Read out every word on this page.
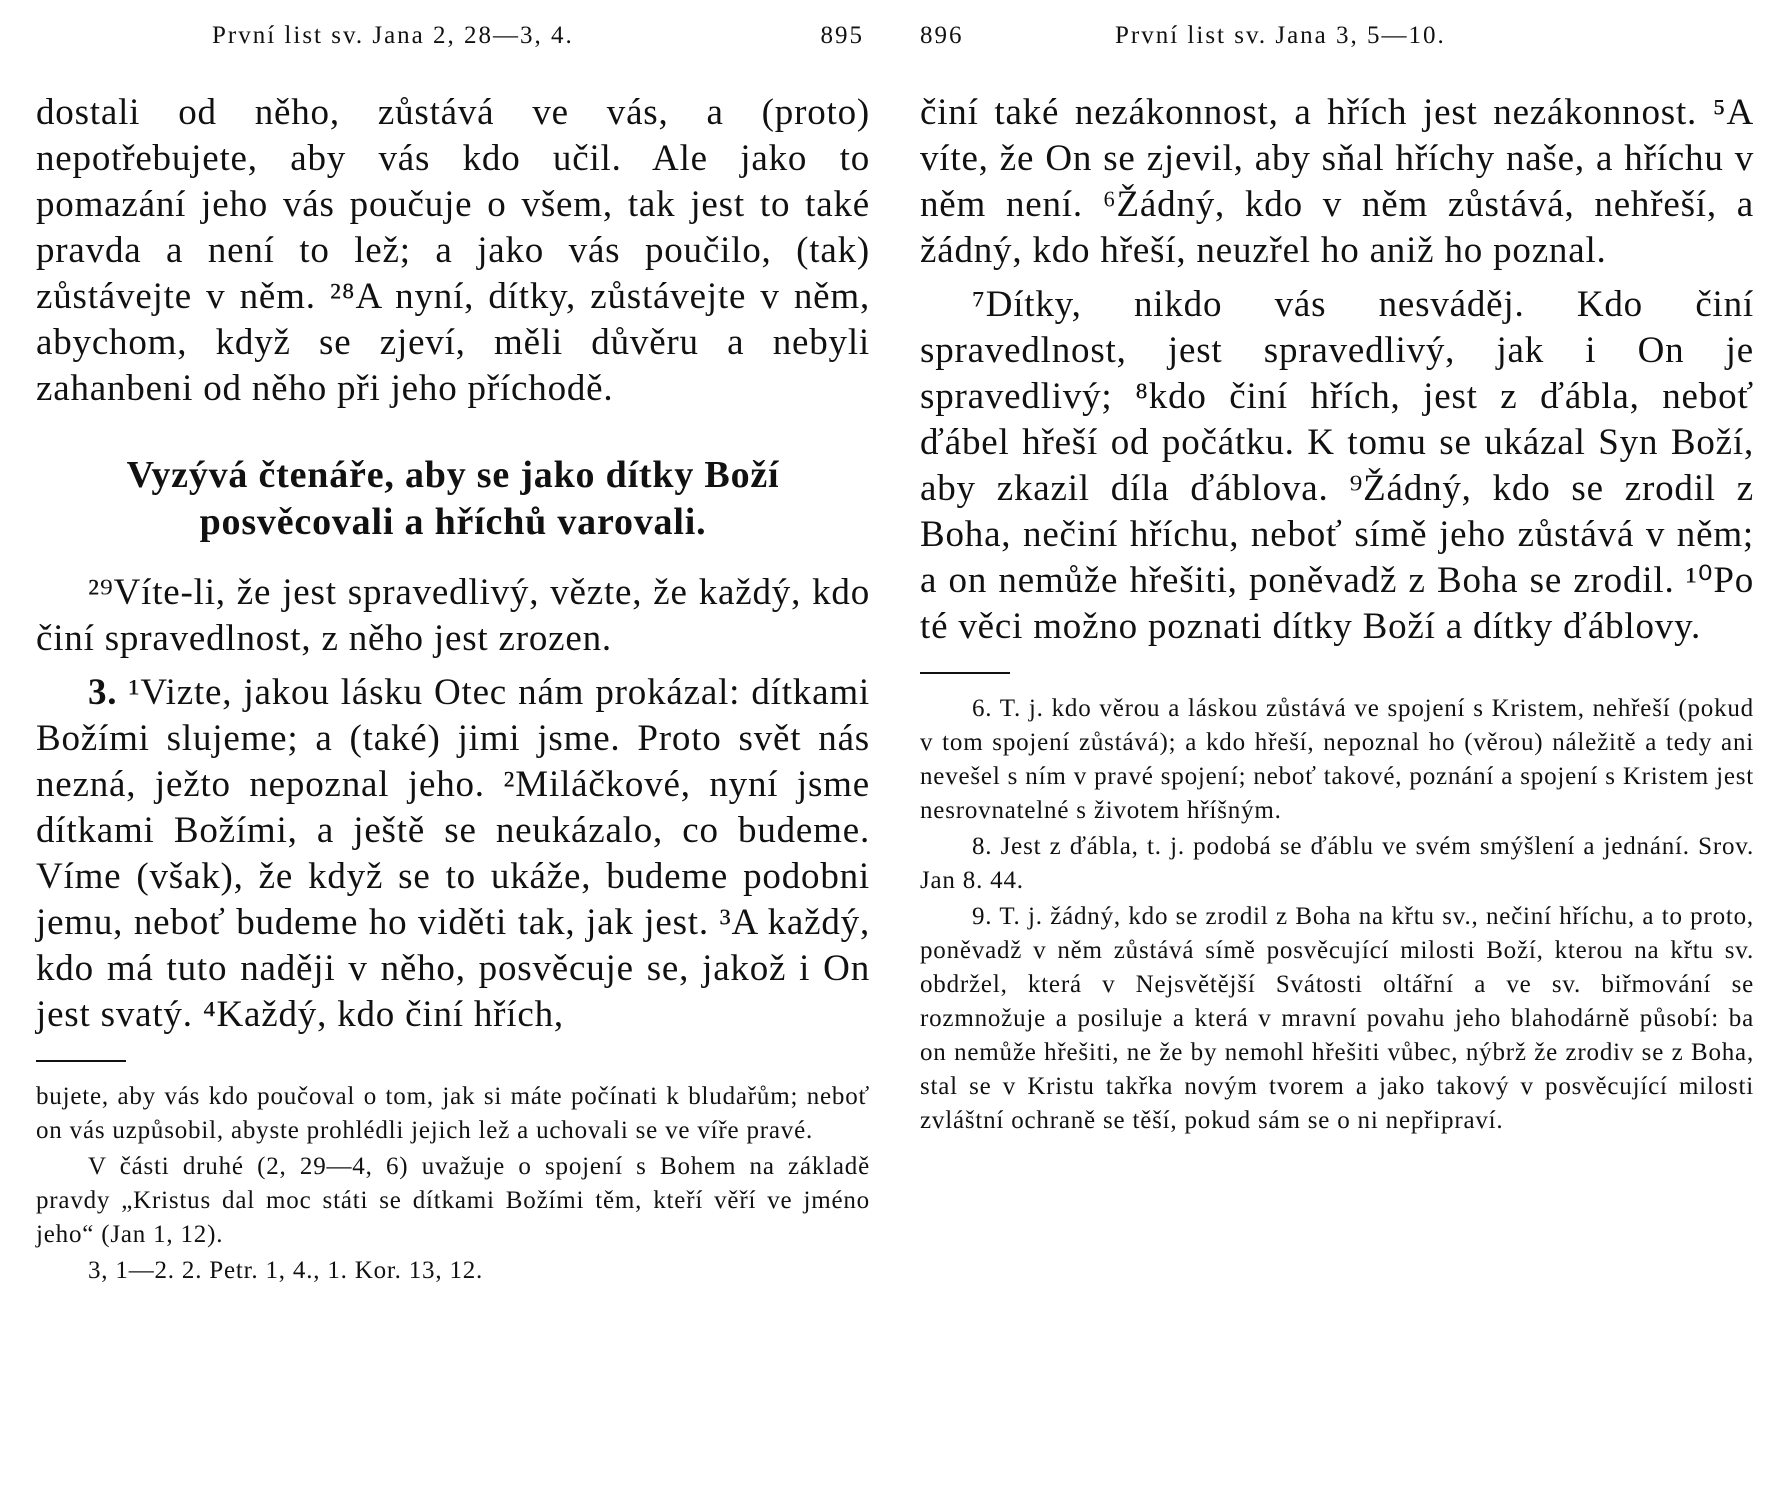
První list sv. Jana 2, 28—3, 4.	895

dostali od něho, zůstává ve vás, a (proto) nepotřebujete, aby vás kdo učil. Ale jako to pomazání jeho vás poučuje o všem, tak jest to také pravda a není to lež; a jako vás poučilo, (tak) zůstávejte v něm. ²⁸A nyní, dítky, zůstávejte v něm, abychom, když se zjeví, měli důvěru a nebyli zahanbeni od něho při jeho příchodě.

Vyzývá čtenáře, aby se jako dítky Boží posvěcovali a hříchů varovali.

²⁹Víte-li, že jest spravedlivý, vězte, že každý, kdo činí spravedlnost, z něho jest zrozen.

3. ¹Vizte, jakou lásku Otec nám prokázal: dítkami Božími slujeme; a (také) jimi jsme. Proto svět nás nezná, ježto nepoznal jeho. ²Miláčkové, nyní jsme dítkami Božími, a ještě se neukázalo, co budeme. Víme (však), že když se to ukáže, budeme podobni jemu, neboť budeme ho viděti tak, jak jest. ³A každý, kdo má tuto naději v něho, posvěcuje se, jakož i On jest svatý. ⁴Každý, kdo činí hřích,

bujete, aby vás kdo poučoval o tom, jak si máte počínati k bludařům; neboť on vás uzpůsobil, abyste prohlédli jejich lež a uchovali se ve víře pravé.

V části druhé (2, 29—4, 6) uvažuje o spojení s Bohem na základě pravdy „Kristus dal moc státi se dítkami Božími těm, kteří věří ve jméno jeho“ (Jan 1, 12).

3, 1—2. 2. Petr. 1, 4., 1. Kor. 13, 12.

896	První list sv. Jana 3, 5—10.

činí také nezákonnost, a hřích jest nezákonnost. ⁵A víte, že On se zjevil, aby sňal hříchy naše, a hříchu v něm není. ⁶Žádný, kdo v něm zůstává, nehřeší, a žádný, kdo hřeší, neuzřel ho aniž ho poznal.

⁷Dítky, nikdo vás nesváděj. Kdo činí spravedlnost, jest spravedlivý, jak i On je spravedlivý; ⁸kdo činí hřích, jest z ďábla, neboť ďábel hřeší od počátku. K tomu se ukázal Syn Boží, aby zkazil díla ďáblova. ⁹Žádný, kdo se zrodil z Boha, nečiní hříchu, neboť símě jeho zůstává v něm; a on nemůže hřešiti, poněvadž z Boha se zrodil. ¹⁰Po té věci možno poznati dítky Boží a dítky ďáblovy.

6. T. j. kdo věrou a láskou zůstává ve spojení s Kristem, nehřeší (pokud v tom spojení zůstává); a kdo hřeší, nepoznal ho (věrou) náležitě a tedy ani nevešel s ním v pravé spojení; neboť takové, poznání a spojení s Kristem jest nesrovnatelné s životem hříšným.

8. Jest z ďábla, t. j. podobá se ďáblu ve svém smýšlení a jednání. Srov. Jan 8. 44.

9. T. j. žádný, kdo se zrodil z Boha na křtu sv., nečiní hříchu, a to proto, poněvadž v něm zůstává símě posvěcující milosti Boží, kterou na křtu sv. obdržel, která v Nejsvětější Svátosti oltářní a ve sv. biřmování se rozmnožuje a posiluje a která v mravní povahu jeho blahodárně působí: ba on nemůže hřešiti, ne že by nemohl hřešiti vůbec, nýbrž že zrodiv se z Boha, stal se v Kristu takřka novým tvorem a jako takový v posvěcující milosti zvláštní ochraně se těší, pokud sám se o ni nepřipraví.
